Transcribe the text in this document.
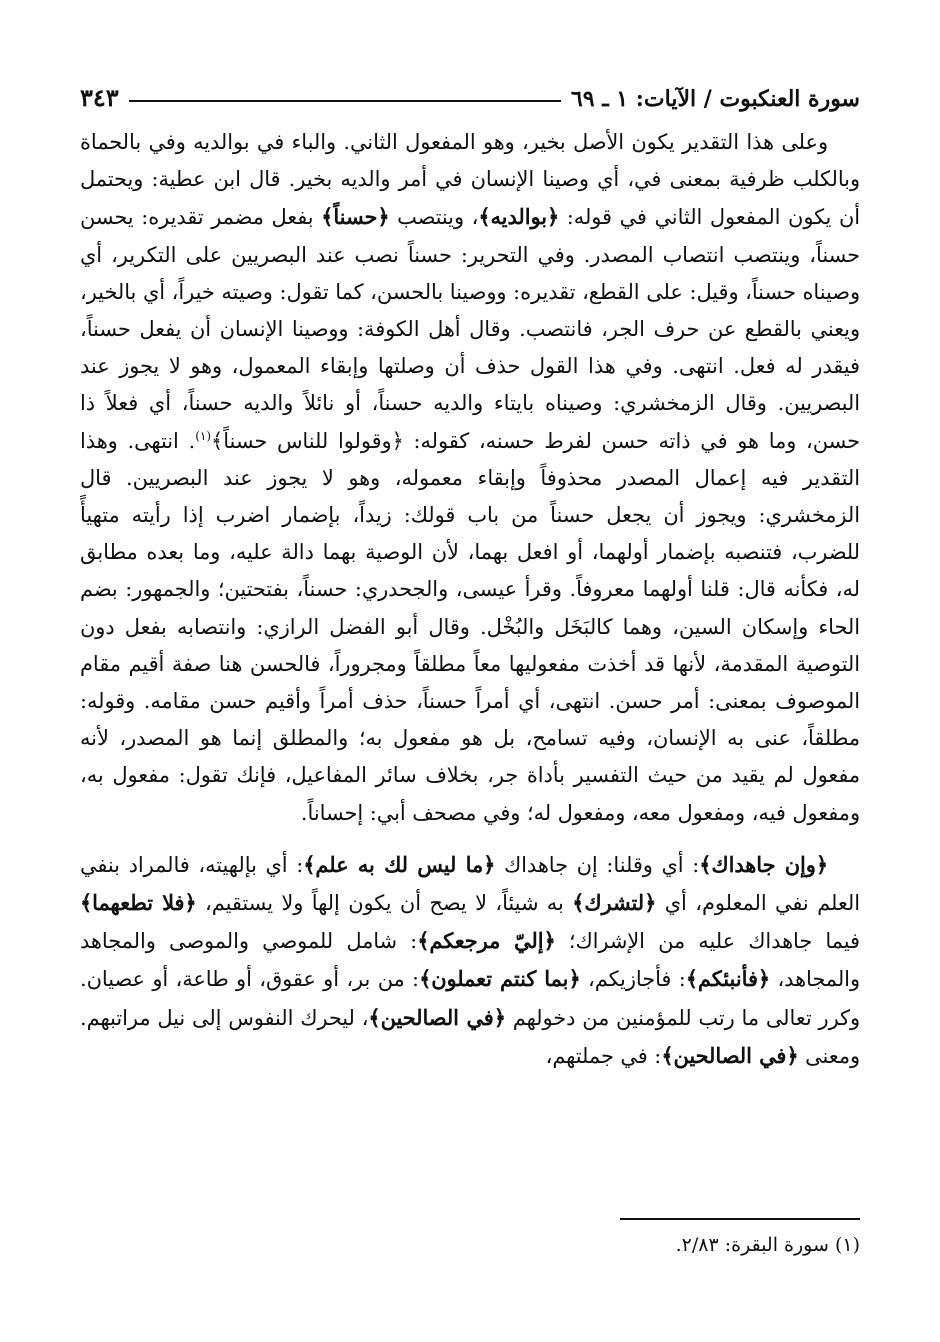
سورة العنكبوت / الآيات: ١ ـ ٦٩
٣٤٣

وعلى هذا التقدير يكون الأصل بخير، وهو المفعول الثاني. والباء في بوالديه وفي بالحماة وبالكلب ظرفية بمعنى في، أي وصينا الإنسان في أمر والديه بخير. قال ابن عطية: ويحتمل أن يكون المفعول الثاني في قوله: ﴿بوالديه﴾، وينتصب ﴿حسناً﴾ بفعل مضمر تقديره: يحسن حسناً، وينتصب انتصاب المصدر. وفي التحرير: حسناً نصب عند البصريين على التكرير، أي وصيناه حسناً، وقيل: على القطع، تقديره: ووصينا بالحسن، كما تقول: وصيته خيراً، أي بالخير، ويعني بالقطع عن حرف الجر، فانتصب. وقال أهل الكوفة: ووصينا الإنسان أن يفعل حسناً، فيقدر له فعل. انتهى. وفي هذا القول حذف أن وصلتها وإبقاء المعمول، وهو لا يجوز عند البصريين. وقال الزمخشري: وصيناه بايتاء والديه حسناً، أو نائلاً والديه حسناً، أي فعلاً ذا حسن، وما هو في ذاته حسن لفرط حسنه، كقوله: ﴿وقولوا للناس حسناً﴾$^{(١)}$. انتهى. وهذا التقدير فيه إعمال المصدر محذوفاً وإبقاء معموله، وهو لا يجوز عند البصريين. قال الزمخشري: ويجوز أن يجعل حسناً من باب قولك: زيداً، بإضمار اضرب إذا رأيته متهيأً للضرب، فتنصبه بإضمار أولهما، أو افعل بهما، لأن الوصية بهما دالة عليه، وما بعده مطابق له، فكأنه قال: قلنا أولهما معروفاً. وقرأ عيسى، والجحدري: حسناً، بفتحتين؛ والجمهور: بضم الحاء وإسكان السين، وهما كالبَخَل والبُخْل. وقال أبو الفضل الرازي: وانتصابه بفعل دون التوصية المقدمة، لأنها قد أخذت مفعوليها معاً مطلقاً ومجروراً، فالحسن هنا صفة أقيم مقام الموصوف بمعنى: أمر حسن. انتهى، أي أمراً حسناً، حذف أمراً وأقيم حسن مقامه. وقوله: مطلقاً، عنى به الإنسان، وفيه تسامح، بل هو مفعول به؛ والمطلق إنما هو المصدر، لأنه مفعول لم يقيد من حيث التفسير بأداة جر، بخلاف سائر المفاعيل، فإنك تقول: مفعول به، ومفعول فيه، ومفعول معه، ومفعول له؛ وفي مصحف أبي: إحساناً.

﴿وإن جاهداك﴾: أي وقلنا: إن جاهداك ﴿ما ليس لك به علم﴾: أي بإلهيته، فالمراد بنفي العلم نفي المعلوم، أي ﴿لتشرك﴾ به شيئاً، لا يصح أن يكون إلهاً ولا يستقيم، ﴿فلا تطعهما﴾ فيما جاهداك عليه من الإشراك؛ ﴿إليّ مرجعكم﴾: شامل للموصي والموصى والمجاهد والمجاهد، ﴿فأنبئكم﴾: فأجازيكم، ﴿بما كنتم تعملون﴾: من بر، أو عقوق، أو طاعة، أو عصيان. وكرر تعالى ما رتب للمؤمنين من دخولهم ﴿في الصالحين﴾، ليحرك النفوس إلى نيل مراتبهم. ومعنى ﴿في الصالحين﴾: في جملتهم،

(١) سورة البقرة: ٢/٨٣.
